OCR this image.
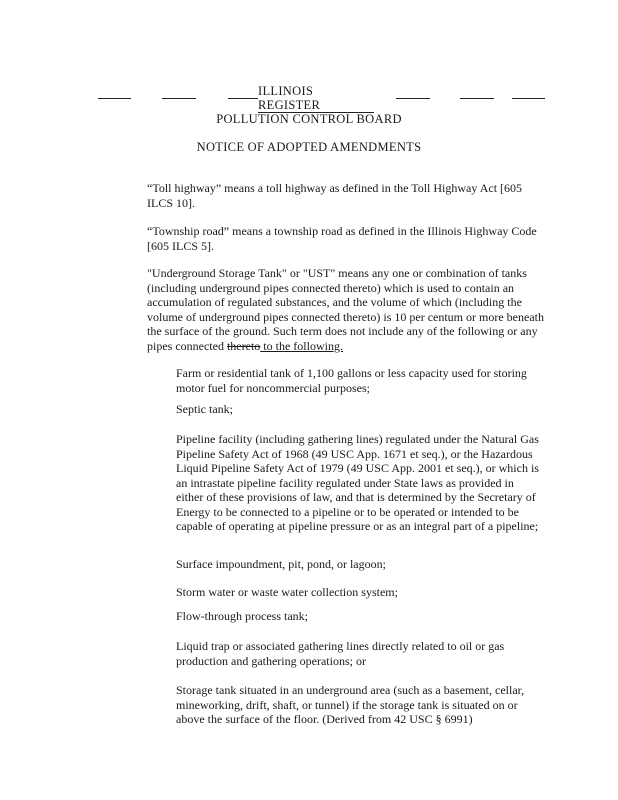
ILLINOIS REGISTER
POLLUTION CONTROL BOARD
NOTICE OF ADOPTED AMENDMENTS

“Toll highway” means a toll highway as defined in the Toll Highway Act [605 ILCS 10].

“Township road” means a township road as defined in the Illinois Highway Code [605 ILCS 5].

"Underground Storage Tank" or "UST" means any one or combination of tanks (including underground pipes connected thereto) which is used to contain an accumulation of regulated substances, and the volume of which (including the volume of underground pipes connected thereto) is 10 per centum or more beneath the surface of the ground. Such term does not include any of the following or any pipes connected thereto to the following.

Farm or residential tank of 1,100 gallons or less capacity used for storing motor fuel for noncommercial purposes;

Septic tank;

Pipeline facility (including gathering lines) regulated under the Natural Gas Pipeline Safety Act of 1968 (49 USC App. 1671 et seq.), or the Hazardous Liquid Pipeline Safety Act of 1979 (49 USC App. 2001 et seq.), or which is an intrastate pipeline facility regulated under State laws as provided in either of these provisions of law, and that is determined by the Secretary of Energy to be connected to a pipeline or to be operated or intended to be capable of operating at pipeline pressure or as an integral part of a pipeline;

Surface impoundment, pit, pond, or lagoon;

Storm water or waste water collection system;

Flow-through process tank;

Liquid trap or associated gathering lines directly related to oil or gas production and gathering operations; or

Storage tank situated in an underground area (such as a basement, cellar, mineworking, drift, shaft, or tunnel) if the storage tank is situated on or above the surface of the floor. (Derived from 42 USC § 6991)
